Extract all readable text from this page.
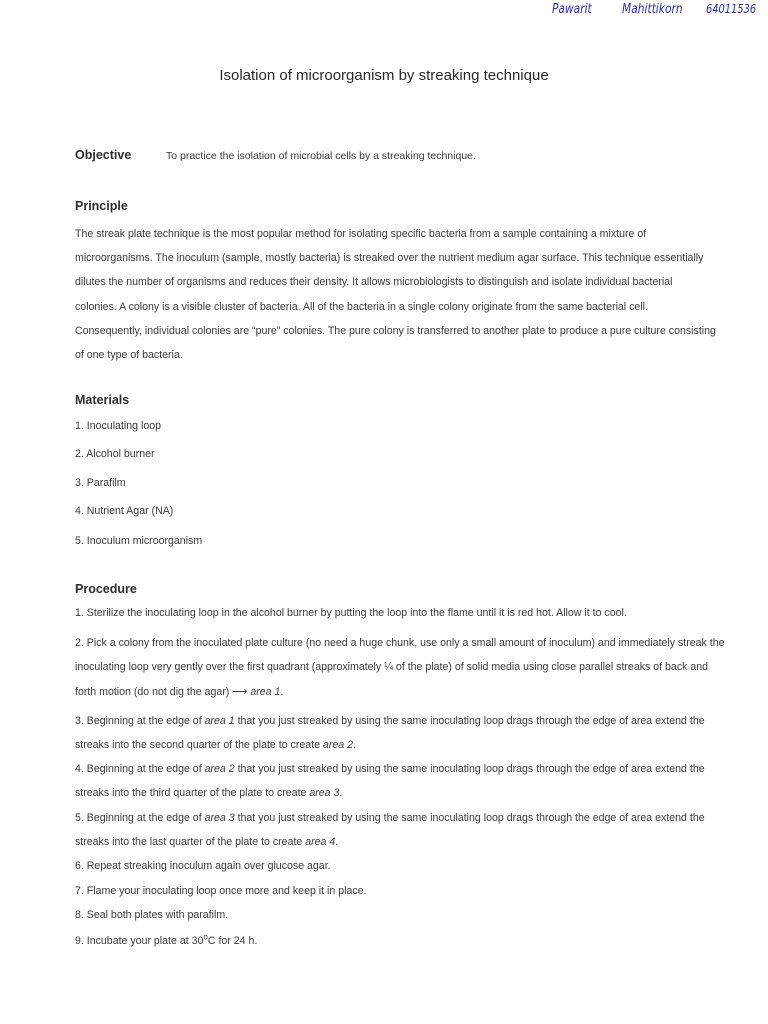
Pawarit Mahittikorn 64011536
Isolation of microorganism by streaking technique
Objective	To practice the isolation of microbial cells by a streaking technique.
Principle
The streak plate technique is the most popular method for isolating specific bacteria from a sample containing a mixture of microorganisms. The inoculum (sample, mostly bacteria) is streaked over the nutrient medium agar surface. This technique essentially dilutes the number of organisms and reduces their density. It allows microbiologists to distinguish and isolate individual bacterial colonies. A colony is a visible cluster of bacteria. All of the bacteria in a single colony originate from the same bacterial cell. Consequently, individual colonies are “pure” colonies. The pure colony is transferred to another plate to produce a pure culture consisting of one type of bacteria.
Materials
1. Inoculating loop
2. Alcohol burner
3. Parafilm
4. Nutrient Agar (NA)
5. Inoculum microorganism
Procedure
1. Sterilize the inoculating loop in the alcohol burner by putting the loop into the flame until it is red hot. Allow it to cool.
2. Pick a colony from the inoculated plate culture (no need a huge chunk, use only a small amount of inoculum) and immediately streak the inoculating loop very gently over the first quadrant (approximately ¼ of the plate) of solid media using close parallel streaks of back and forth motion (do not dig the agar) ⟶ area 1.
3. Beginning at the edge of area 1 that you just streaked by using the same inoculating loop drags through the edge of area extend the streaks into the second quarter of the plate to create area 2.
4. Beginning at the edge of area 2 that you just streaked by using the same inoculating loop drags through the edge of area extend the streaks into the third quarter of the plate to create area 3.
5. Beginning at the edge of area 3 that you just streaked by using the same inoculating loop drags through the edge of area extend the streaks into the last quarter of the plate to create area 4.
6. Repeat streaking inoculum again over glucose agar.
7. Flame your inoculating loop once more and keep it in place.
8. Seal both plates with parafilm.
9. Incubate your plate at 30$^o$C for 24 h.
